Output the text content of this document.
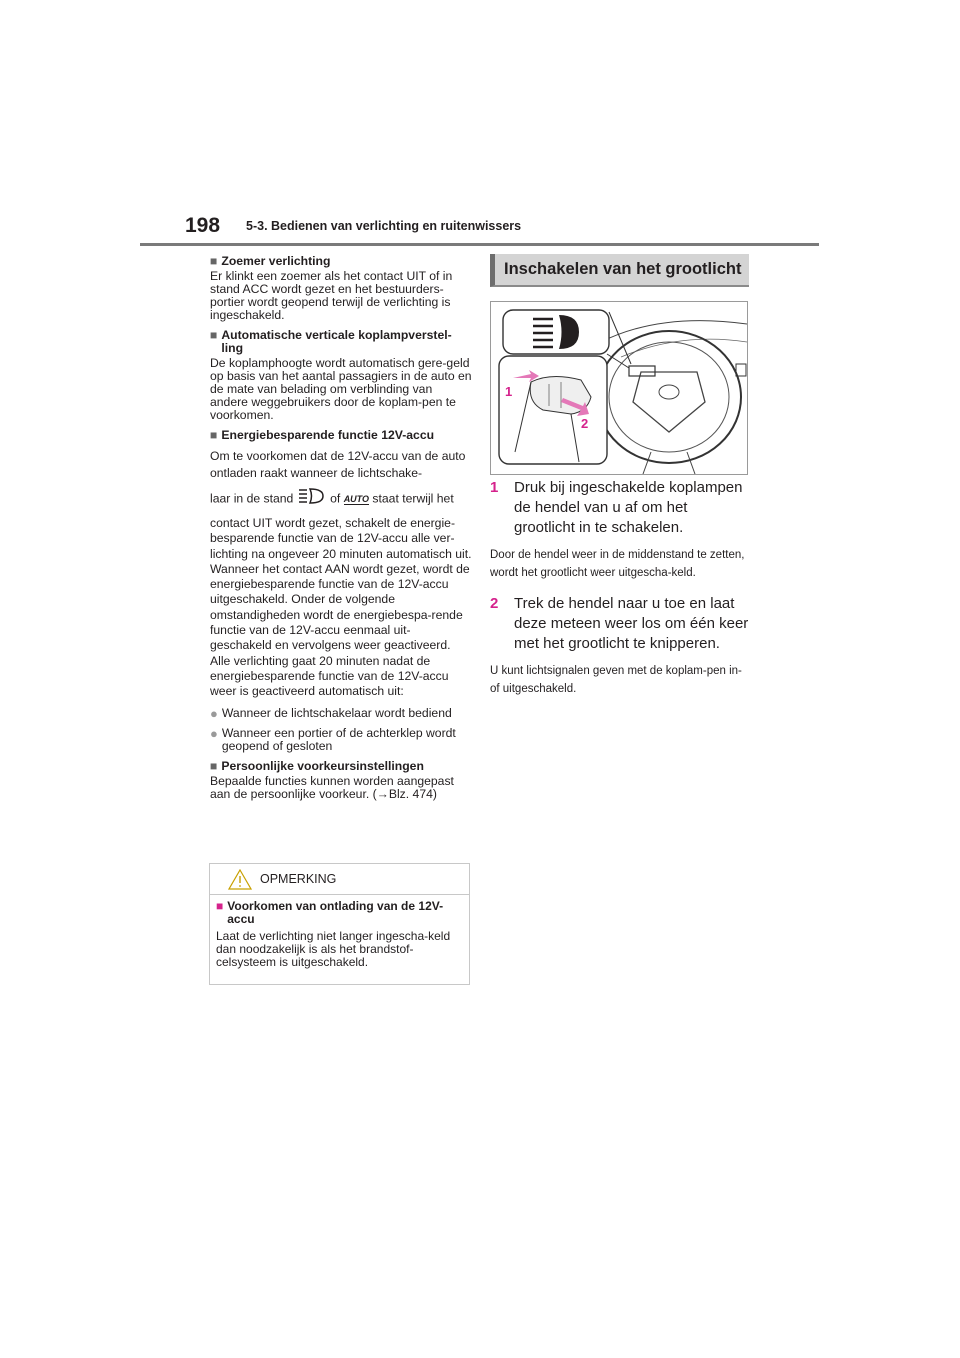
198 5-3. Bedienen van verlichting en ruitenwissers
■ Zoemer verlichting

Er klinkt een zoemer als het contact UIT of in stand ACC wordt gezet en het bestuurders-portier wordt geopend terwijl de verlichting is ingeschakeld.

■ Automatische verticale koplampverstel-ling

De koplamphoogte wordt automatisch gere-geld op basis van het aantal passagiers in de auto en de mate van belading om verblinding van andere weggebruikers door de koplam-pen te voorkomen.

■ Energiebesparende functie 12V-accu

Om te voorkomen dat de 12V-accu van de auto ontladen raakt wanneer de lichtschake-

laar in de stand	of AUTO staat terwijl het

contact UIT wordt gezet, schakelt de energie-besparende functie van de 12V-accu alle ver-lichting na ongeveer 20 minuten automatisch uit. Wanneer het contact AAN wordt gezet, wordt de energiebesparende functie van de 12V-accu uitgeschakeld. Onder de volgende omstandigheden wordt de energiebespa-rende functie van de 12V-accu eenmaal uit-geschakeld en vervolgens weer geactiveerd. Alle verlichting gaat 20 minuten nadat de energiebesparende functie van de 12V-accu weer is geactiveerd automatisch uit:

● Wanneer de lichtschakelaar wordt bediend
● Wanneer een portier of de achterklep wordt geopend of gesloten
■ Persoonlijke voorkeursinstellingen

Bepaalde functies kunnen worden aangepast aan de persoonlijke voorkeur. (→Blz. 474)

OPMERKING
■ Voorkomen van ontlading van de 12V-accu

Laat de verlichting niet langer ingescha-keld dan noodzakelijk is als het brandstof-celsysteem is uitgeschakeld.

Inschakelen van het grootlicht
1
2
1	Druk bij ingeschakelde koplampen de hendel van u af om het grootlicht in te schakelen.

Door de hendel weer in de middenstand te zetten, wordt het grootlicht weer uitgescha-keld.

2	Trek de hendel naar u toe en laat deze meteen weer los om één keer met het grootlicht te knipperen.

U kunt lichtsignalen geven met de koplam-pen in- of uitgeschakeld.
